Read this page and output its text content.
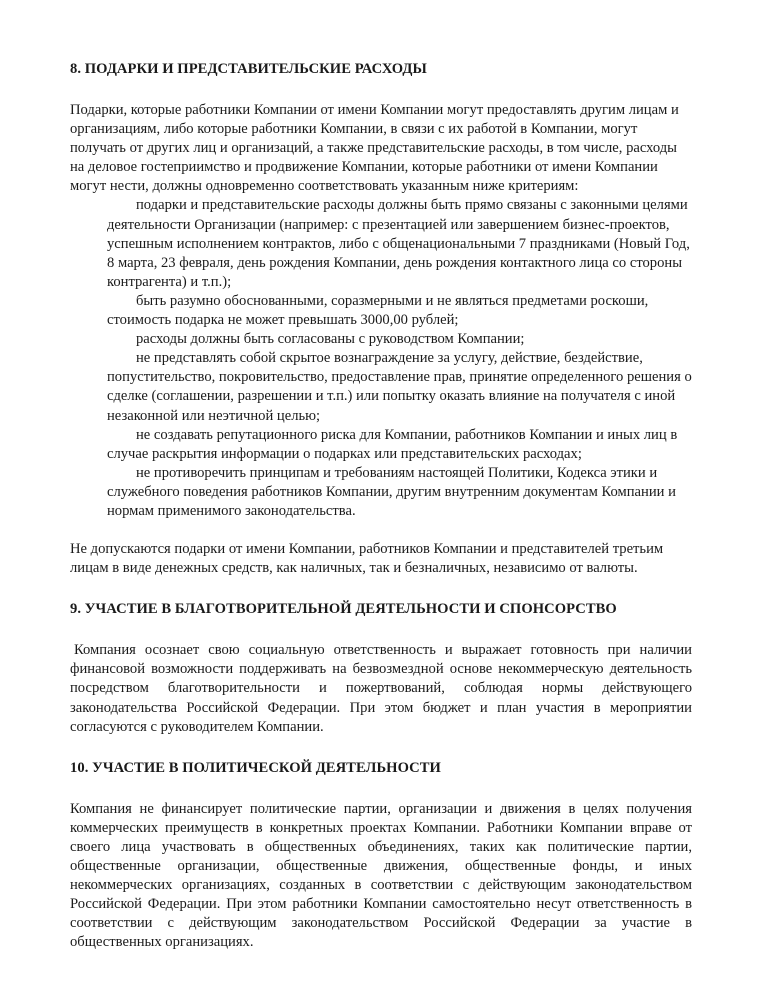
8. ПОДАРКИ И ПРЕДСТАВИТЕЛЬСКИЕ РАСХОДЫ

Подарки, которые работники Компании от имени Компании могут предоставлять другим лицам и организациям, либо которые работники Компании, в связи с их работой в Компании, могут получать от других лиц и организаций, а также представительские расходы, в том числе, расходы на деловое гостеприимство и продвижение Компании, которые работники от имени Компании могут нести, должны одновременно соответствовать указанным ниже критериям:

подарки и представительские расходы должны быть прямо связаны с законными целями деятельности Организации (например: с презентацией или завершением бизнес-проектов, успешным исполнением контрактов, либо с общенациональными 7 праздниками (Новый Год, 8 марта, 23 февраля, день рождения Компании, день рождения контактного лица со стороны контрагента) и т.п.);

быть разумно обоснованными, соразмерными и не являться предметами роскоши, стоимость подарка не может превышать 3000,00 рублей;

расходы должны быть согласованы с руководством Компании;

не представлять собой скрытое вознаграждение за услугу, действие, бездействие, попустительство, покровительство, предоставление прав, принятие определенного решения о сделке (соглашении, разрешении и т.п.) или попытку оказать влияние на получателя с иной незаконной или неэтичной целью;

не создавать репутационного риска для Компании, работников Компании и иных лиц в случае раскрытия информации о подарках или представительских расходах;

не противоречить принципам и требованиям настоящей Политики, Кодекса этики и служебного поведения работников Компании, другим внутренним документам Компании и нормам применимого законодательства.

Не допускаются подарки от имени Компании, работников Компании и представителей третьим лицам в виде денежных средств, как наличных, так и безналичных, независимо от валюты.

9. УЧАСТИЕ В БЛАГОТВОРИТЕЛЬНОЙ ДЕЯТЕЛЬНОСТИ И СПОНСОРСТВО

Компания осознает свою социальную ответственность и выражает готовность при наличии финансовой возможности поддерживать на безвозмездной основе некоммерческую деятельность посредством благотворительности и пожертвований, соблюдая нормы действующего законодательства Российской Федерации. При этом бюджет и план участия в мероприятии согласуются с руководителем Компании.

10. УЧАСТИЕ В ПОЛИТИЧЕСКОЙ ДЕЯТЕЛЬНОСТИ

Компания не финансирует политические партии, организации и движения в целях получения коммерческих преимуществ в конкретных проектах Компании. Работники Компании вправе от своего лица участвовать в общественных объединениях, таких как политические партии, общественные организации, общественные движения, общественные фонды, и иных некоммерческих организациях, созданных в соответствии с действующим законодательством Российской Федерации. При этом работники Компании самостоятельно несут ответственность в соответствии с действующим законодательством Российской Федерации за участие в общественных организациях.
